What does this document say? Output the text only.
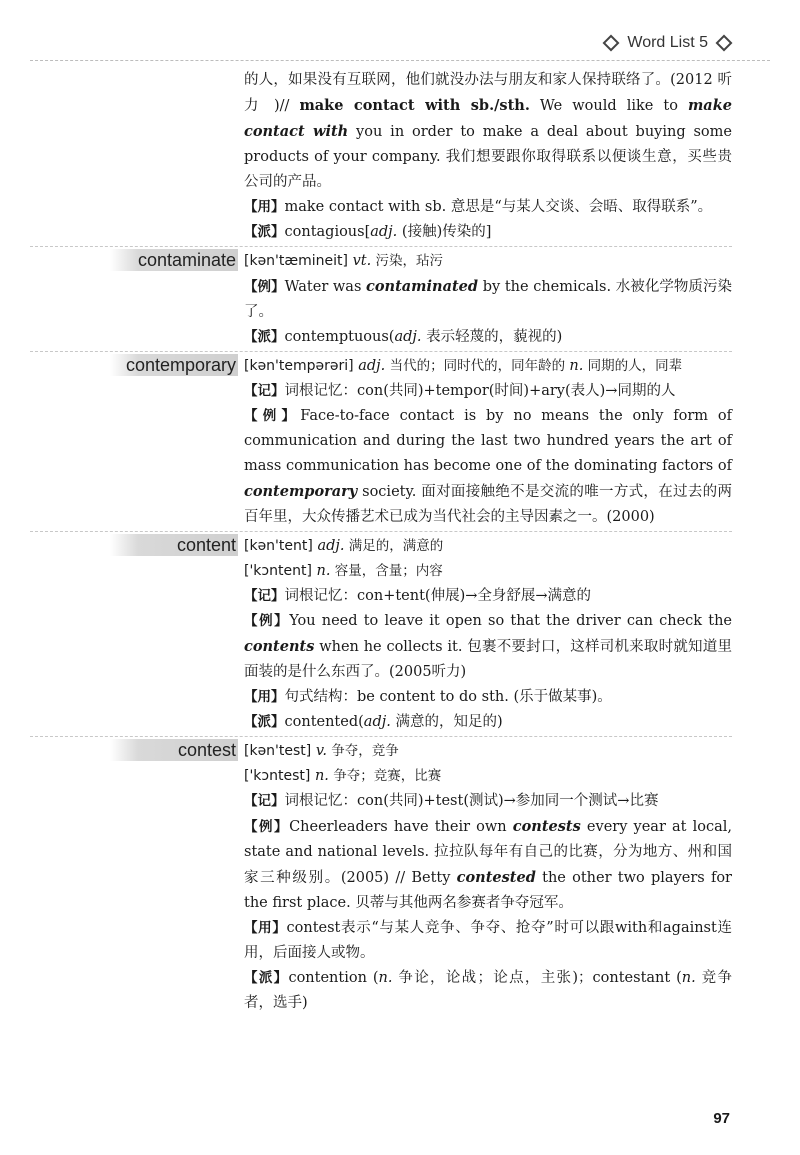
Word List 5

的人，如果没有互联网，他们就没办法与朋友和家人保持联络了。(2012 听力 )// make contact with sb./sth. We would like to make contact with you in order to make a deal about buying some products of your company. 我们想要跟你取得联系以便谈生意，买些贵公司的产品。

【用】make contact with sb. 意思是“与某人交谈、会晤、取得联系”。

【派】contagious[adj. (接触)传染的]

contaminate [kən'tæmineit] vt. 污染，玷污

【例】Water was contaminated by the chemicals. 水被化学物质污染了。

【派】contemptuous(adj. 表示轻蔑的，藐视的)

contemporary [kən'tempərəri] adj. 当代的；同时代的，同年龄的 n. 同期的人，同辈

【记】词根记忆：con(共同)+tempor(时间)+ary(表人)→同期的人

【例】Face-to-face contact is by no means the only form of communication and during the last two hundred years the art of mass communication has become one of the dominating factors of contemporary society. 面对面接触绝不是交流的唯一方式，在过去的两百年里，大众传播艺术已成为当代社会的主导因素之一。(2000)

content [kən'tent] adj. 满足的，满意的

['kɔntent] n. 容量，含量；内容

【记】词根记忆：con+tent(伸展)→全身舒展→满意的

【例】You need to leave it open so that the driver can check the contents when he collects it. 包裹不要封口，这样司机来取时就知道里面装的是什么东西了。(2005听力)

【用】句式结构：be content to do sth. (乐于做某事)。

【派】contented(adj. 满意的，知足的)

contest [kən'test] v. 争夺，竞争

['kɔntest] n. 争夺；竞赛，比赛

【记】词根记忆：con(共同)+test(测试)→参加同一个测试→比赛

【例】Cheerleaders have their own contests every year at local, state and national levels. 拉拉队每年有自己的比赛，分为地方、州和国家三种级别。(2005) // Betty contested the other two players for the first place. 贝蒂与其他两名参赛者争夺冠军。

【用】contest表示“与某人竞争、争夺、抢夺”时可以跟with和against连用，后面接人或物。

【派】contention (n. 争论，论战；论点，主张)；contestant (n. 竞争者，选手)

97
